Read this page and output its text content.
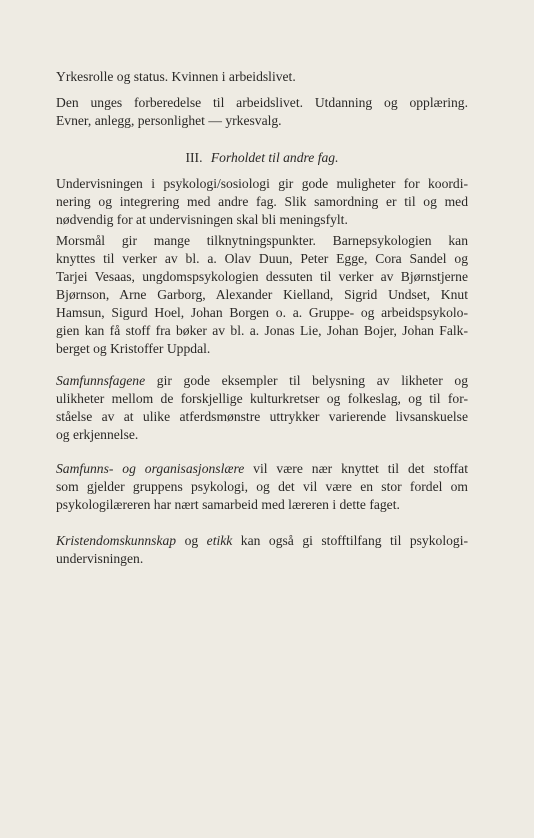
Yrkesrolle og status. Kvinnen i arbeidslivet.
Den unges forberedelse til arbeidslivet. Utdanning og opplæring.
Evner, anlegg, personlighet — yrkesvalg.
III. Forholdet til andre fag.
Undervisningen i psykologi/sosiologi gir gode muligheter for koordi-
nering og integrering med andre fag. Slik samordning er til og med
nødvendig for at undervisningen skal bli meningsfylt.
Morsmål gir mange tilknytningspunkter. Barnepsykologien kan
knyttes til verker av bl. a. Olav Duun, Peter Egge, Cora Sandel og
Tarjei Vesaas, ungdomspsykologien dessuten til verker av Bjørnstjerne
Bjørnson, Arne Garborg, Alexander Kielland, Sigrid Undset, Knut
Hamsun, Sigurd Hoel, Johan Borgen o. a. Gruppe- og arbeidspsykolo-
gien kan få stoff fra bøker av bl. a. Jonas Lie, Johan Bojer, Johan Falk-
berget og Kristoffer Uppdal.
Samfunnsfagene gir gode eksempler til belysning av likheter og
ulikheter mellom de forskjellige kulturkretser og folkeslag, og til for-
ståelse av at ulike atferdsmønstre uttrykker varierende livsanskuelse
og erkjennelse.
Samfunns- og organisasjonslære vil være nær knyttet til det stoffat
som gjelder gruppens psykologi, og det vil være en stor fordel om
psykologilæreren har nært samarbeid med læreren i dette faget.
Kristendomskunnskap og etikk kan også gi stofftilfang til psykologi-
undervisningen.
